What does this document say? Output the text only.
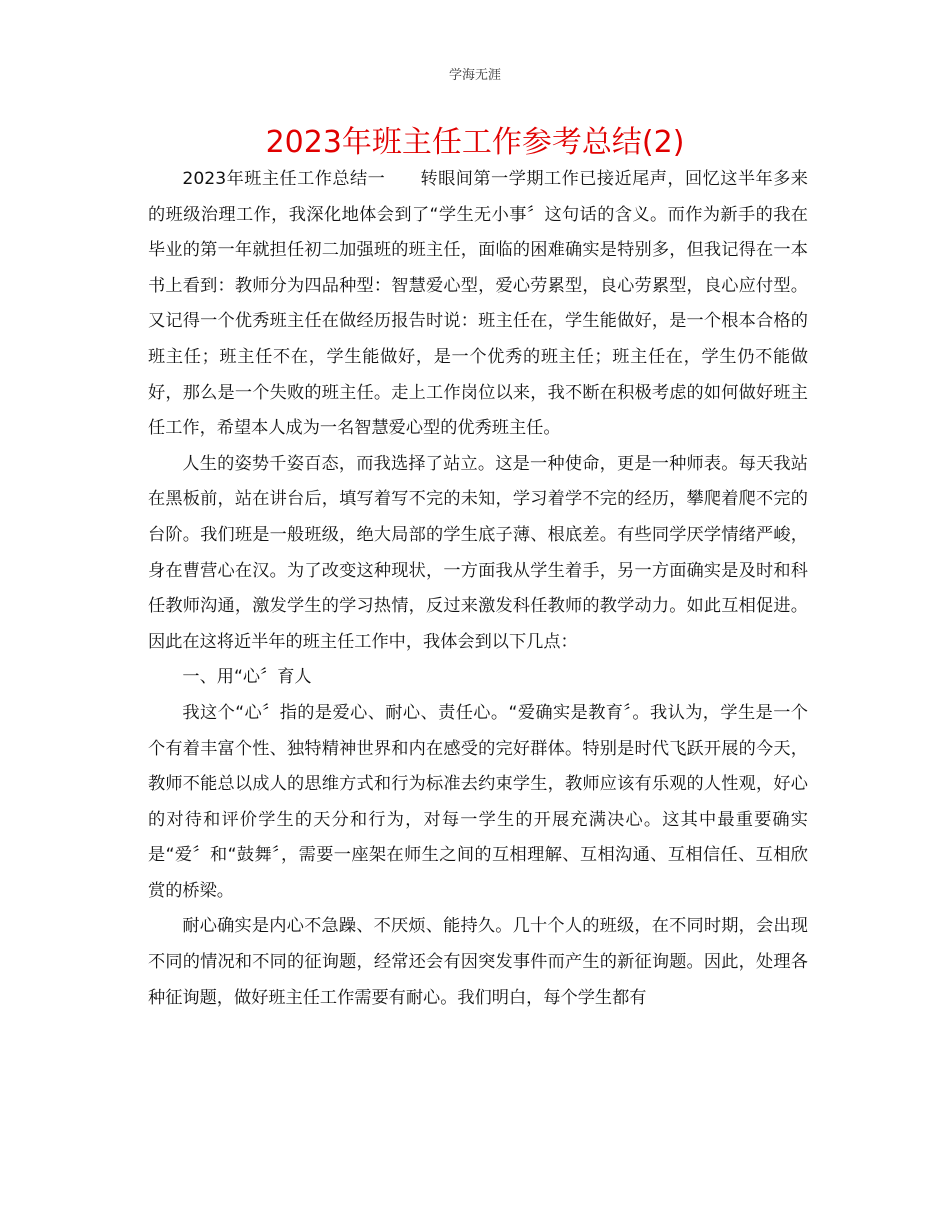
学海无涯
2023年班主任工作参考总结(2)

2023年班主任工作总结一　　转眼间第一学期工作已接近尾声，回忆这半年多来的班级治理工作，我深化地体会到了“学生无小事〞这句话的含义。而作为新手的我在毕业的第一年就担任初二加强班的班主任，面临的困难确实是特别多，但我记得在一本书上看到：教师分为四品种型：智慧爱心型，爱心劳累型，良心劳累型，良心应付型。又记得一个优秀班主任在做经历报告时说：班主任在，学生能做好，是一个根本合格的班主任；班主任不在，学生能做好，是一个优秀的班主任；班主任在，学生仍不能做好，那么是一个失败的班主任。走上工作岗位以来，我不断在积极考虑的如何做好班主任工作，希望本人成为一名智慧爱心型的优秀班主任。

人生的姿势千姿百态，而我选择了站立。这是一种使命，更是一种师表。每天我站在黑板前，站在讲台后，填写着写不完的未知，学习着学不完的经历，攀爬着爬不完的台阶。我们班是一般班级，绝大局部的学生底子薄、根底差。有些同学厌学情绪严峻，身在曹营心在汉。为了改变这种现状，一方面我从学生着手，另一方面确实是及时和科任教师沟通，激发学生的学习热情，反过来激发科任教师的教学动力。如此互相促进。因此在这将近半年的班主任工作中，我体会到以下几点：

一、用“心〞育人

我这个“心〞指的是爱心、耐心、责任心。“爱确实是教育〞。我认为，学生是一个个有着丰富个性、独特精神世界和内在感受的完好群体。特别是时代飞跃开展的今天，教师不能总以成人的思维方式和行为标准去约束学生，教师应该有乐观的人性观，好心的对待和评价学生的天分和行为，对每一学生的开展充满决心。这其中最重要确实是“爱〞和“鼓舞〞，需要一座架在师生之间的互相理解、互相沟通、互相信任、互相欣赏的桥梁。

耐心确实是内心不急躁、不厌烦、能持久。几十个人的班级，在不同时期，会出现不同的情况和不同的征询题，经常还会有因突发事件而产生的新征询题。因此，处理各种征询题，做好班主任工作需要有耐心。我们明白，每个学生都有
